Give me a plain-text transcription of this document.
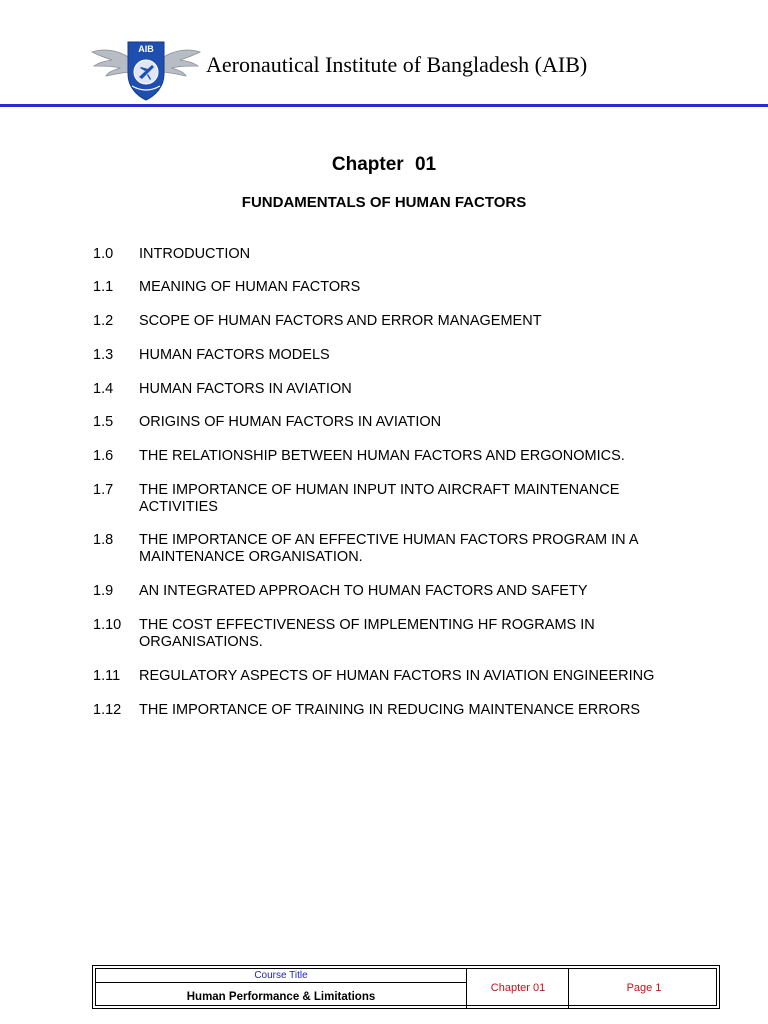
AIB
Aeronautical Institute of Bangladesh (AIB)
Chapter 01
FUNDAMENTALS OF HUMAN FACTORS
1.0	INTRODUCTION
1.1	MEANING OF HUMAN FACTORS
1.2	SCOPE OF HUMAN FACTORS AND ERROR MANAGEMENT
1.3	HUMAN FACTORS MODELS
1.4	HUMAN FACTORS IN AVIATION
1.5	ORIGINS OF HUMAN FACTORS IN AVIATION
1.6	THE RELATIONSHIP BETWEEN HUMAN FACTORS AND ERGONOMICS.
1.7	THE IMPORTANCE OF HUMAN INPUT INTO AIRCRAFT MAINTENANCE ACTIVITIES
1.8	THE IMPORTANCE OF AN EFFECTIVE HUMAN FACTORS PROGRAM IN A MAINTENANCE ORGANISATION.
1.9	AN INTEGRATED APPROACH TO HUMAN FACTORS AND SAFETY
1.10	THE COST EFFECTIVENESS OF IMPLEMENTING HF ROGRAMS IN ORGANISATIONS.
1.11	REGULATORY ASPECTS OF HUMAN FACTORS IN AVIATION ENGINEERING
1.12	THE IMPORTANCE OF TRAINING IN REDUCING MAINTENANCE ERRORS
Course Title
Human Performance & Limitations
Chapter 01	Page 1
